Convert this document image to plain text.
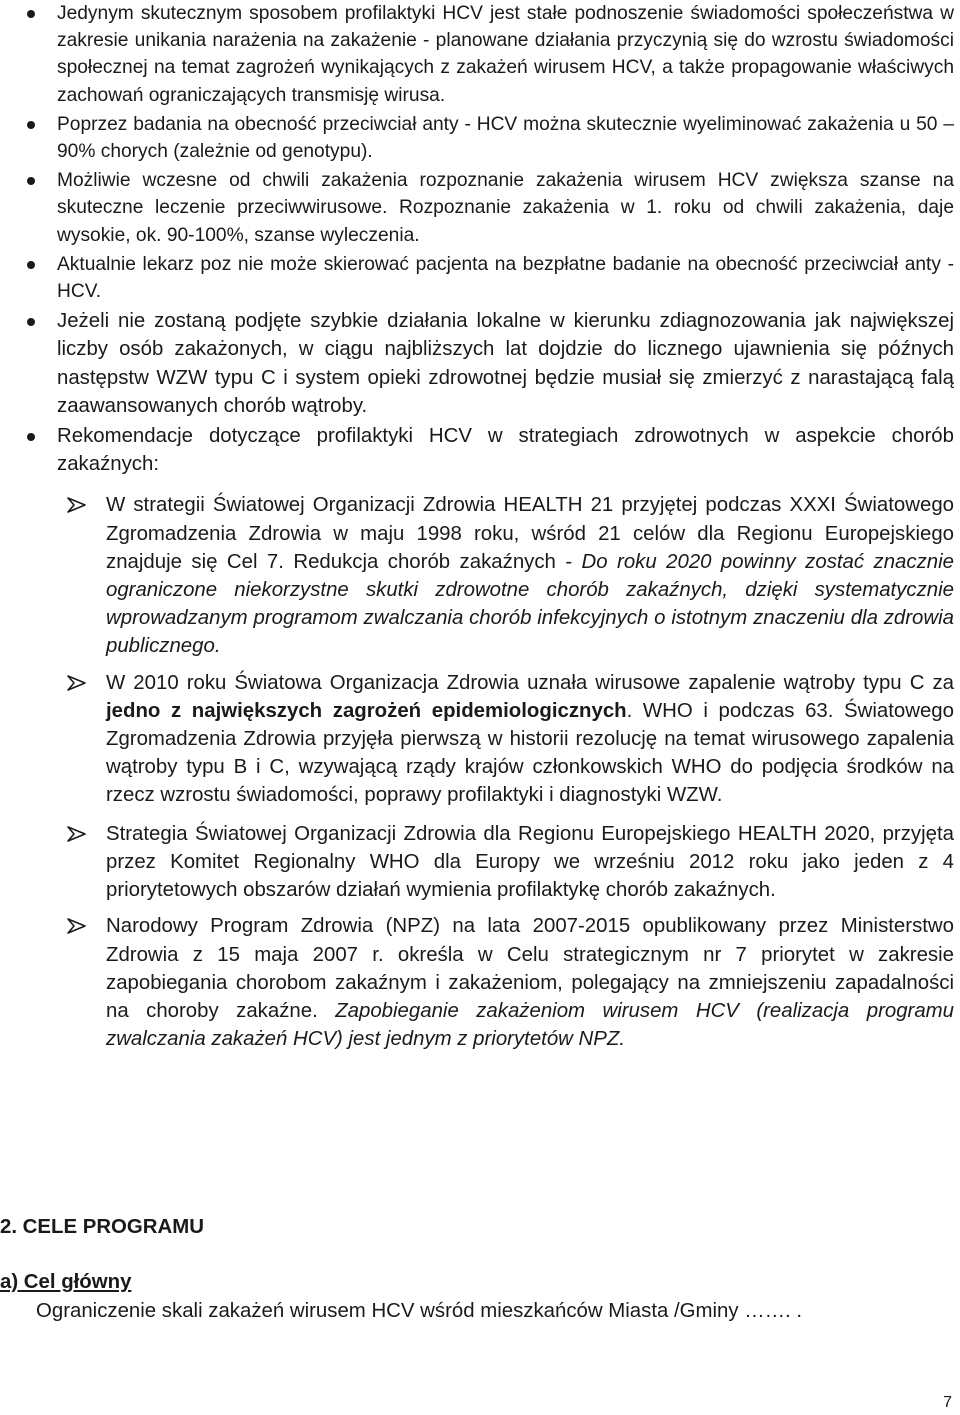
Jedynym skutecznym sposobem profilaktyki HCV jest stałe podnoszenie świadomości społeczeństwa w zakresie unikania narażenia na zakażenie - planowane działania przyczynią się do wzrostu świadomości społecznej na temat zagrożeń wynikających z zakażeń wirusem HCV, a także propagowanie właściwych zachowań ograniczających transmisję wirusa.
Poprzez badania na obecność przeciwciał anty - HCV można skutecznie wyeliminować zakażenia u 50 – 90% chorych (zależnie od genotypu).
Możliwie wczesne od chwili zakażenia rozpoznanie zakażenia wirusem HCV zwiększa szanse na skuteczne leczenie przeciwwirusowe. Rozpoznanie zakażenia w 1. roku od chwili zakażenia, daje wysokie, ok. 90-100%, szanse wyleczenia.
Aktualnie lekarz poz nie może skierować pacjenta na bezpłatne badanie na obecność przeciwciał anty - HCV.
Jeżeli nie zostaną podjęte szybkie działania lokalne w kierunku zdiagnozowania jak największej liczby osób zakażonych, w ciągu najbliższych lat dojdzie do licznego ujawnienia się późnych następstw WZW typu C i system opieki zdrowotnej będzie musiał się zmierzyć z narastającą falą zaawansowanych chorób wątroby.
Rekomendacje dotyczące profilaktyki HCV w strategiach zdrowotnych w aspekcie chorób zakaźnych:
W strategii Światowej Organizacji Zdrowia HEALTH 21 przyjętej podczas XXXI Światowego Zgromadzenia Zdrowia w maju 1998 roku, wśród 21 celów dla Regionu Europejskiego znajduje się Cel 7. Redukcja chorób zakaźnych - Do roku 2020 powinny zostać znacznie ograniczone niekorzystne skutki zdrowotne chorób zakaźnych, dzięki systematycznie wprowadzanym programom zwalczania chorób infekcyjnych o istotnym znaczeniu dla zdrowia publicznego.
W 2010 roku Światowa Organizacja Zdrowia uznała wirusowe zapalenie wątroby typu C za jedno z największych zagrożeń epidemiologicznych. WHO i podczas 63. Światowego Zgromadzenia Zdrowia przyjęła pierwszą w historii rezolucję na temat wirusowego zapalenia wątroby typu B i C, wzywającą rządy krajów członkowskich WHO do podjęcia środków na rzecz wzrostu świadomości, poprawy profilaktyki i diagnostyki WZW.
Strategia Światowej Organizacji Zdrowia dla Regionu Europejskiego HEALTH 2020, przyjęta przez Komitet Regionalny WHO dla Europy we wrześniu 2012 roku jako jeden z 4 priorytetowych obszarów działań wymienia profilaktykę chorób zakaźnych.
Narodowy Program Zdrowia (NPZ) na lata 2007-2015 opublikowany przez Ministerstwo Zdrowia z 15 maja 2007 r. określa w Celu strategicznym nr 7 priorytet w zakresie zapobiegania chorobom zakaźnym i zakażeniom, polegający na zmniejszeniu zapadalności na choroby zakaźne. Zapobieganie zakażeniom wirusem HCV (realizacja programu zwalczania zakażeń HCV) jest jednym z priorytetów NPZ.
2. CELE PROGRAMU
a) Cel główny
Ograniczenie skali zakażeń wirusem HCV wśród mieszkańców Miasta /Gminy ……. .
7
